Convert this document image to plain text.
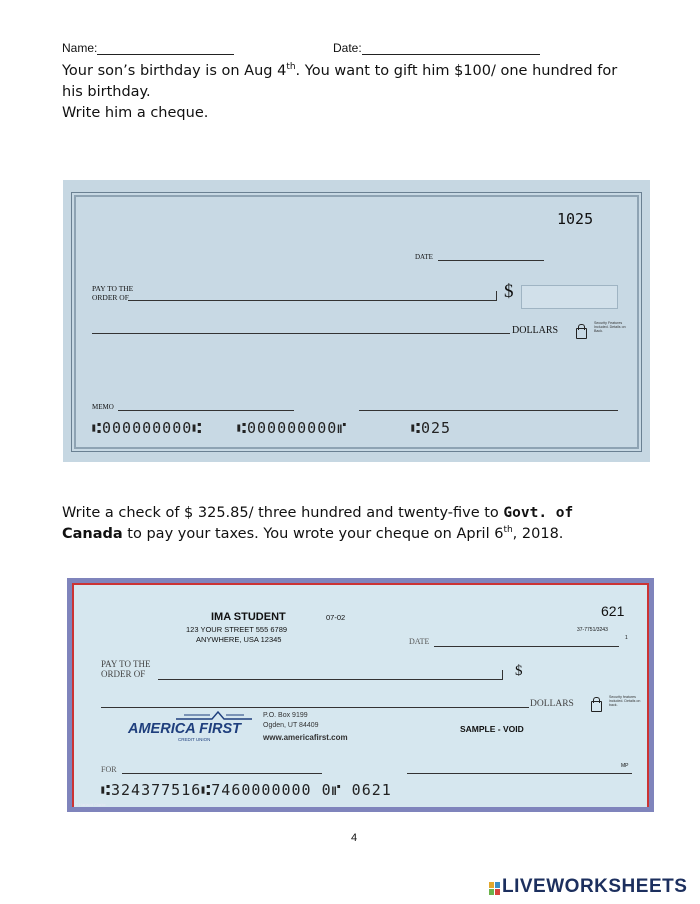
Name:	Date:
Your son’s birthday is on Aug 4th. You want to gift him $100/ one hundred for
his birthday.
Write him a cheque.
1025
DATE
PAY TO THE
ORDER OF	$
DOLLARS
Security Features Included. Details on Back.
MEMO
⑆000000000⑆ ⑆000000000⑈	⑆025
Write a check of $ 325.85/ three hundred and twenty-five to Govt. of
Canada to pay your taxes. You wrote your cheque on April 6th, 2018.
IMA STUDENT	07-02
123 YOUR STREET 555 6789
ANYWHERE, USA 12345
621
37-7751/3243
1
DATE
PAY TO THE
ORDER OF	$
DOLLARS
Security features included. Details on back.
AMERICA FIRST
CREDIT UNION
P.O. Box 9199
Ogden, UT 84409
www.americafirst.com
SAMPLE - VOID
FOR	MP
⑆324377516⑆7460000000 0⑈ 0621
© Harland Clarke
4
LIVEWORKSHEETS
